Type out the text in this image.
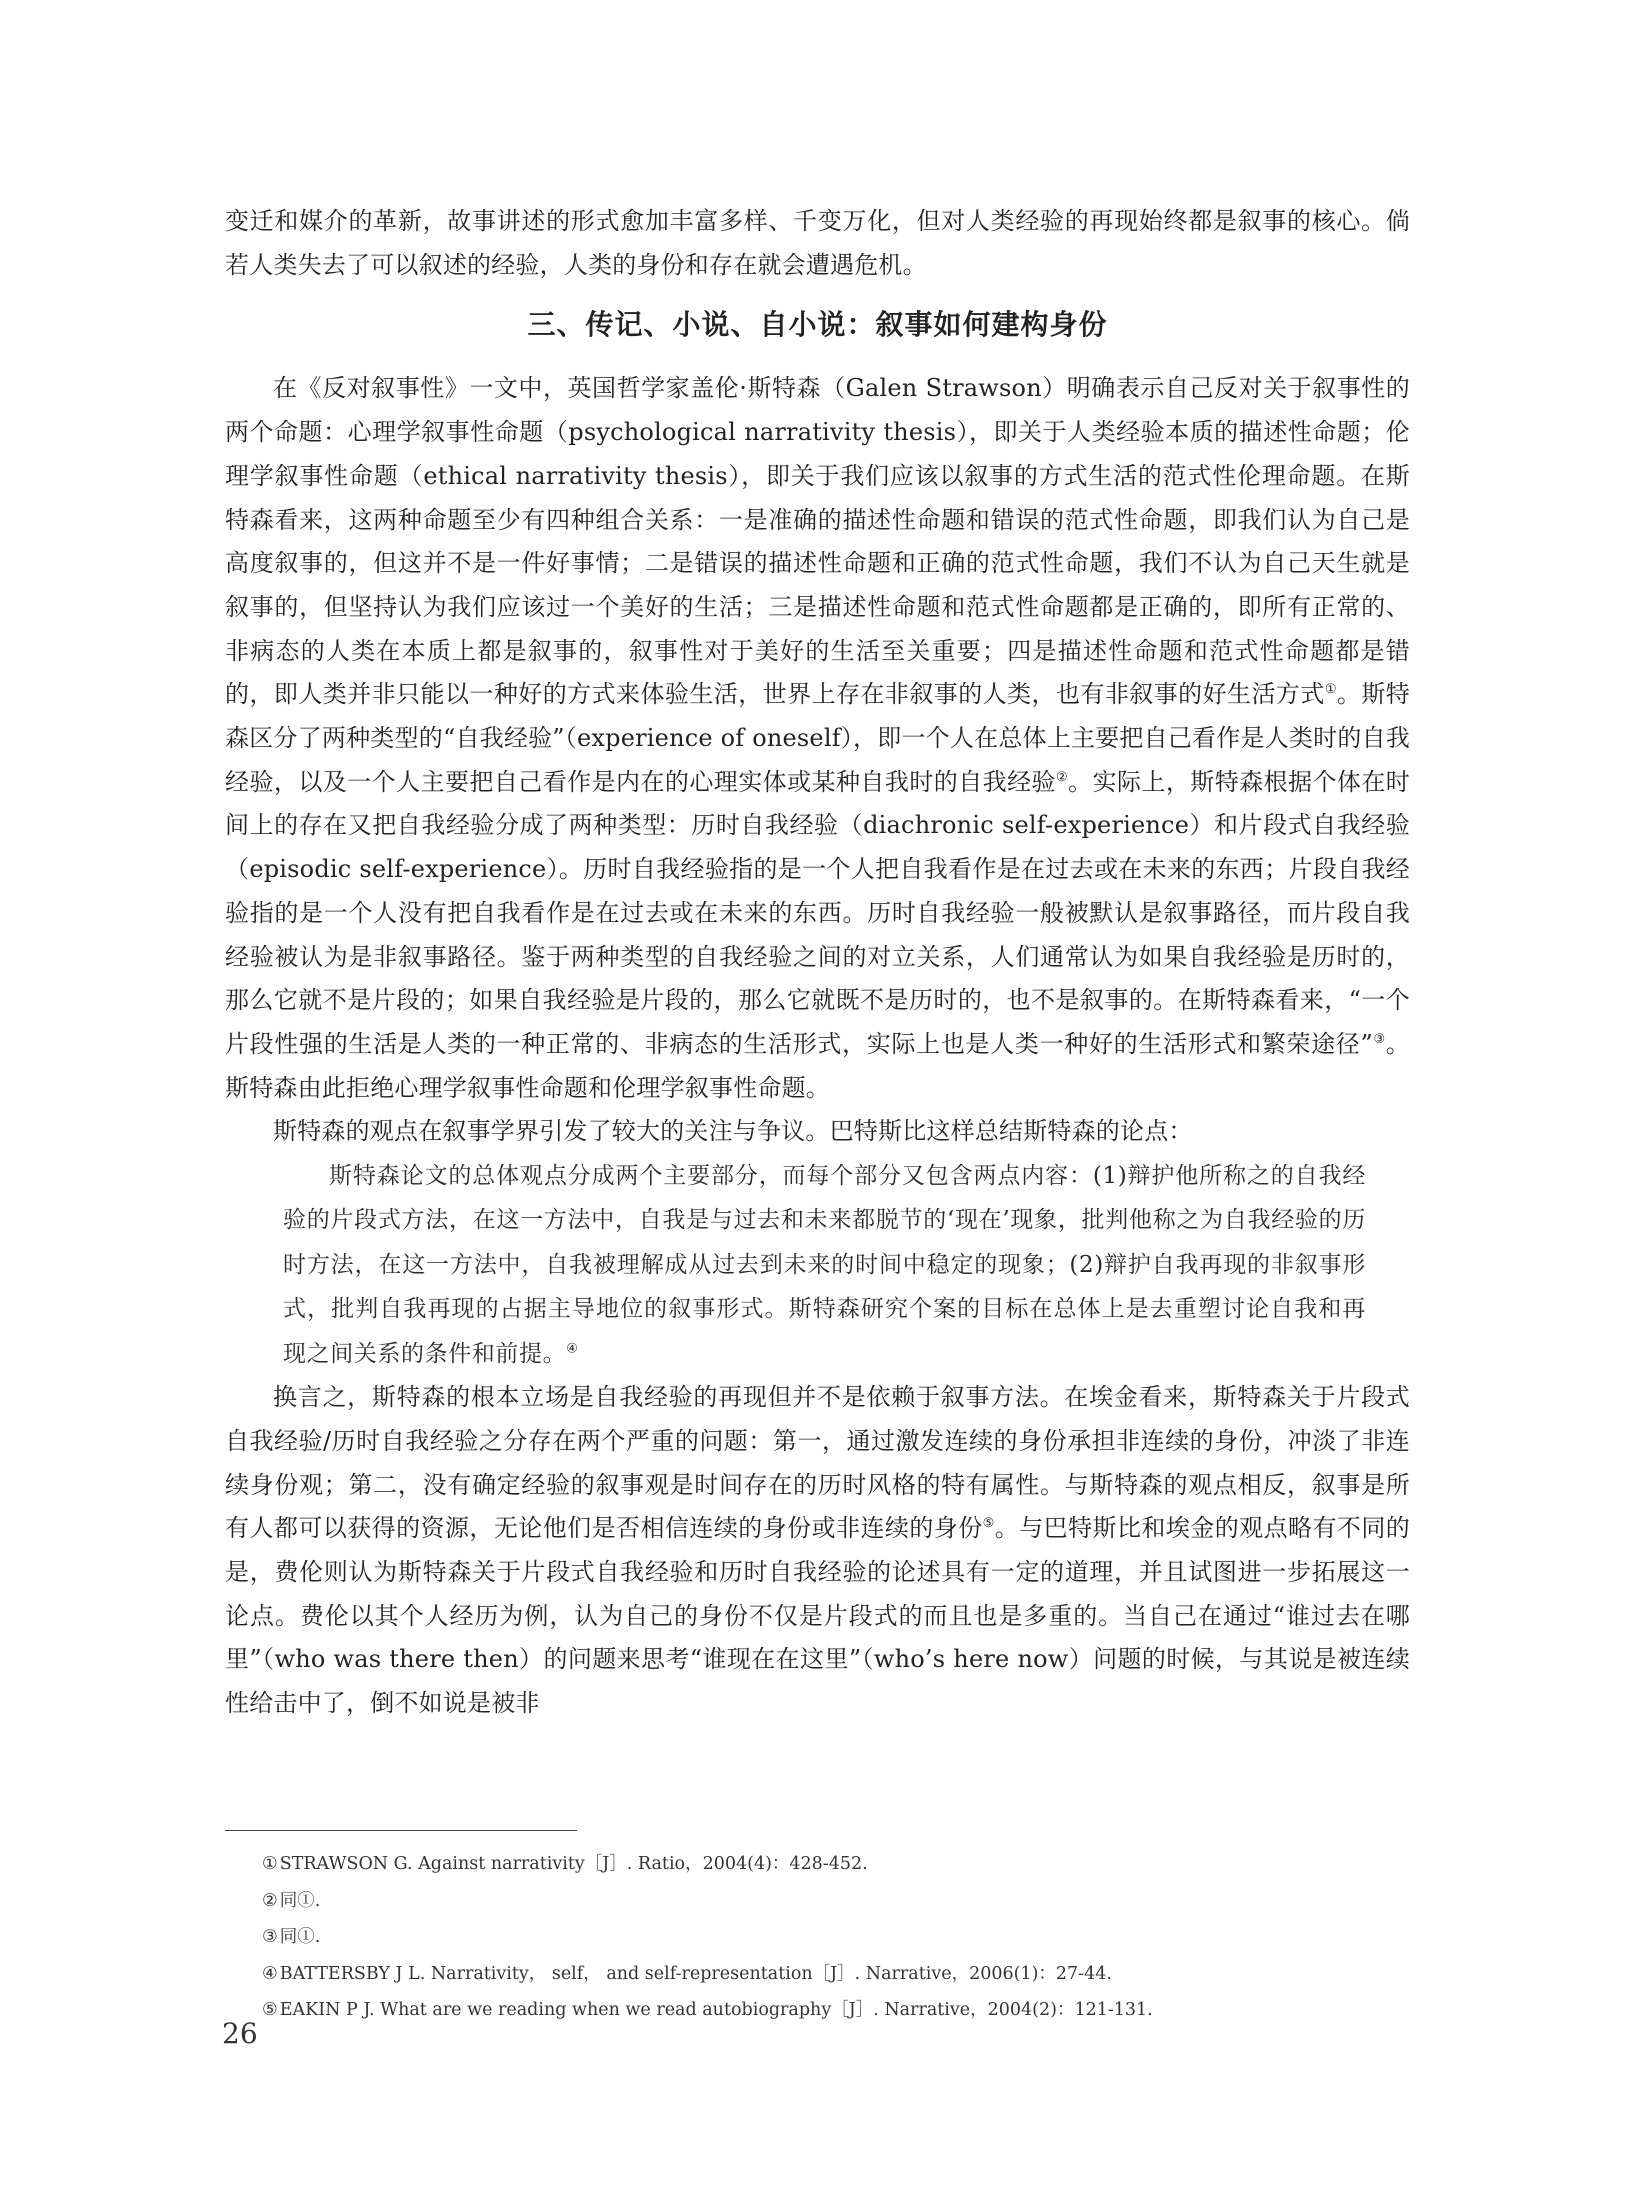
变迁和媒介的革新，故事讲述的形式愈加丰富多样、千变万化，但对人类经验的再现始终都是叙事的核心。倘若人类失去了可以叙述的经验，人类的身份和存在就会遭遇危机。

三、传记、小说、自小说：叙事如何建构身份

在《反对叙事性》一文中，英国哲学家盖伦·斯特森（Galen Strawson）明确表示自己反对关于叙事性的两个命题：心理学叙事性命题（psychological narrativity thesis），即关于人类经验本质的描述性命题；伦理学叙事性命题（ethical narrativity thesis），即关于我们应该以叙事的方式生活的范式性伦理命题。在斯特森看来，这两种命题至少有四种组合关系：一是准确的描述性命题和错误的范式性命题，即我们认为自己是高度叙事的，但这并不是一件好事情；二是错误的描述性命题和正确的范式性命题，我们不认为自己天生就是叙事的，但坚持认为我们应该过一个美好的生活；三是描述性命题和范式性命题都是正确的，即所有正常的、非病态的人类在本质上都是叙事的，叙事性对于美好的生活至关重要；四是描述性命题和范式性命题都是错的，即人类并非只能以一种好的方式来体验生活，世界上存在非叙事的人类，也有非叙事的好生活方式①。斯特森区分了两种类型的“自我经验”（experience of oneself），即一个人在总体上主要把自己看作是人类时的自我经验，以及一个人主要把自己看作是内在的心理实体或某种自我时的自我经验②。实际上，斯特森根据个体在时间上的存在又把自我经验分成了两种类型：历时自我经验（diachronic self-experience）和片段式自我经验（episodic self-experience）。历时自我经验指的是一个人把自我看作是在过去或在未来的东西；片段自我经验指的是一个人没有把自我看作是在过去或在未来的东西。历时自我经验一般被默认是叙事路径，而片段自我经验被认为是非叙事路径。鉴于两种类型的自我经验之间的对立关系，人们通常认为如果自我经验是历时的，那么它就不是片段的；如果自我经验是片段的，那么它就既不是历时的，也不是叙事的。在斯特森看来，“一个片段性强的生活是人类的一种正常的、非病态的生活形式，实际上也是人类一种好的生活形式和繁荣途径”③。斯特森由此拒绝心理学叙事性命题和伦理学叙事性命题。

斯特森的观点在叙事学界引发了较大的关注与争议。巴特斯比这样总结斯特森的论点：

斯特森论文的总体观点分成两个主要部分，而每个部分又包含两点内容：(1)辩护他所称之的自我经验的片段式方法，在这一方法中，自我是与过去和未来都脱节的‘现在’现象，批判他称之为自我经验的历时方法，在这一方法中，自我被理解成从过去到未来的时间中稳定的现象；(2)辩护自我再现的非叙事形式，批判自我再现的占据主导地位的叙事形式。斯特森研究个案的目标在总体上是去重塑讨论自我和再现之间关系的条件和前提。④

换言之，斯特森的根本立场是自我经验的再现但并不是依赖于叙事方法。在埃金看来，斯特森关于片段式自我经验/历时自我经验之分存在两个严重的问题：第一，通过激发连续的身份承担非连续的身份，冲淡了非连续身份观；第二，没有确定经验的叙事观是时间存在的历时风格的特有属性。与斯特森的观点相反，叙事是所有人都可以获得的资源，无论他们是否相信连续的身份或非连续的身份⑤。与巴特斯比和埃金的观点略有不同的是，费伦则认为斯特森关于片段式自我经验和历时自我经验的论述具有一定的道理，并且试图进一步拓展这一论点。费伦以其个人经历为例，认为自己的身份不仅是片段式的而且也是多重的。当自己在通过“谁过去在哪里”（who was there then）的问题来思考“谁现在在这里”（who’s here now）问题的时候，与其说是被连续性给击中了，倒不如说是被非

① STRAWSON G. Against narrativity［J］. Ratio，2004(4)：428-452.

② 同①.

③ 同①.

④ BATTERSBY J L. Narrativity， self， and self-representation［J］. Narrative，2006(1)：27-44.

⑤ EAKIN P J. What are we reading when we read autobiography［J］. Narrative，2004(2)：121-131.

26
